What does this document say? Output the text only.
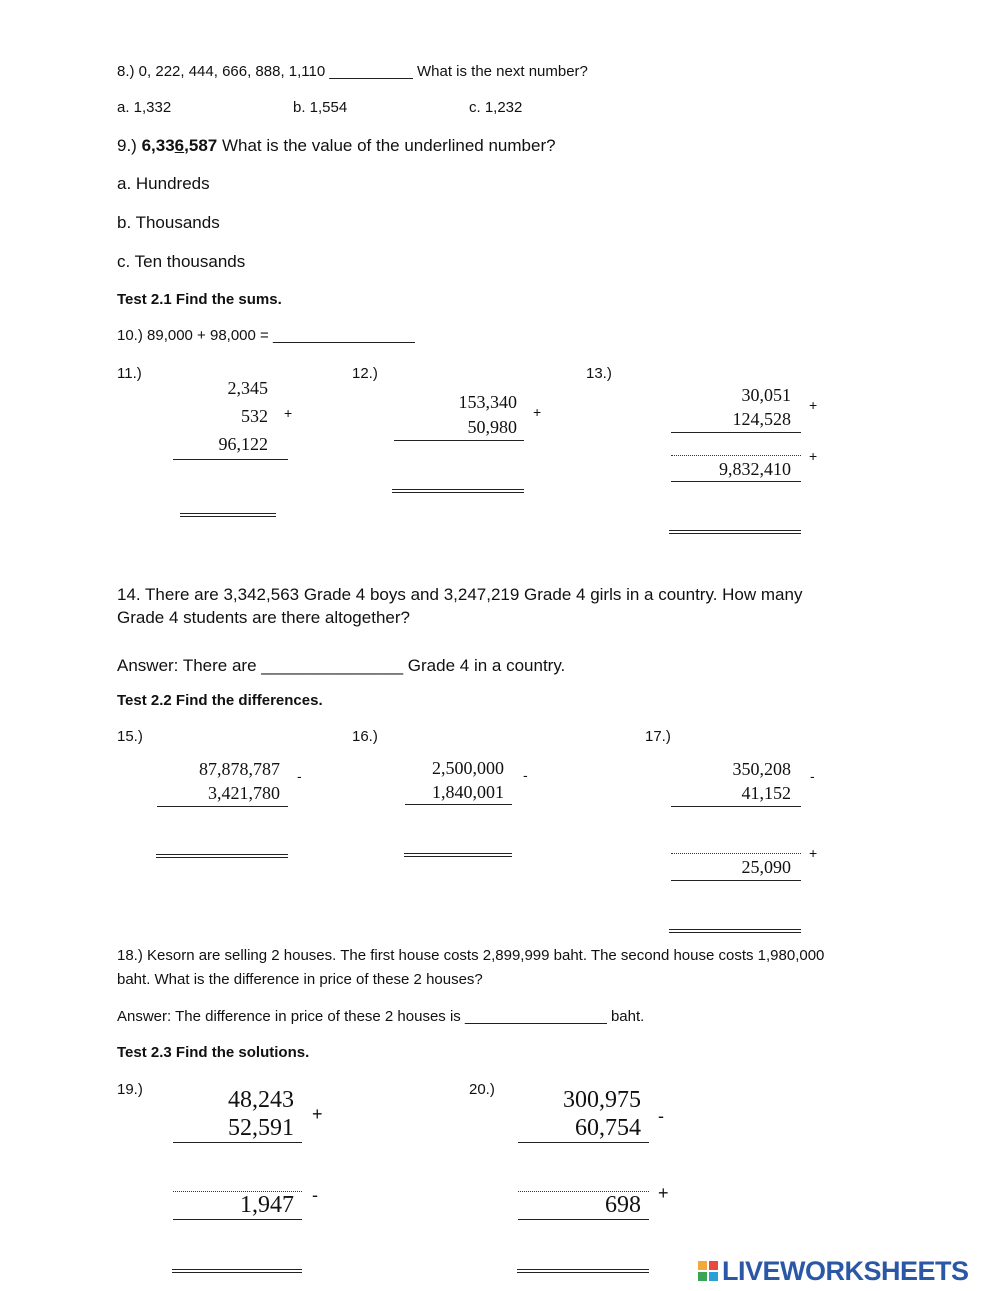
8.) 0, 222, 444, 666, 888, 1,110 __________ What is the next number?
a. 1,332	b. 1,554	c. 1,232
9.) 6,336,587 What is the value of the underlined number?
a. Hundreds
b. Thousands
c. Ten thousands
Test 2.1 Find the sums.
10.) 89,000 + 98,000 = _________________
11.)
2,345
532 +
96,122
12.)
153,340 +
50,980
13.)
30,051 +
124,528
+
9,832,410
14. There are 3,342,563 Grade 4 boys and 3,247,219 Grade 4 girls in a country. How many
Grade 4 students are there altogether?
Answer: There are _______________ Grade 4 in a country.
Test 2.2 Find the differences.
15.)
87,878,787 -
3,421,780
16.)
2,500,000 -
1,840,001
17.)
350,208 -
41,152
+
25,090
18.) Kesorn are selling 2 houses. The first house costs 2,899,999 baht. The second house costs 1,980,000
baht. What is the difference in price of these 2 houses?
Answer: The difference in price of these 2 houses is _________________ baht.
Test 2.3 Find the solutions.
19.)	48,243
+
52,591
-
1,947
20.)	300,975
-
60,754
+
698
LIVEWORKSHEETS
